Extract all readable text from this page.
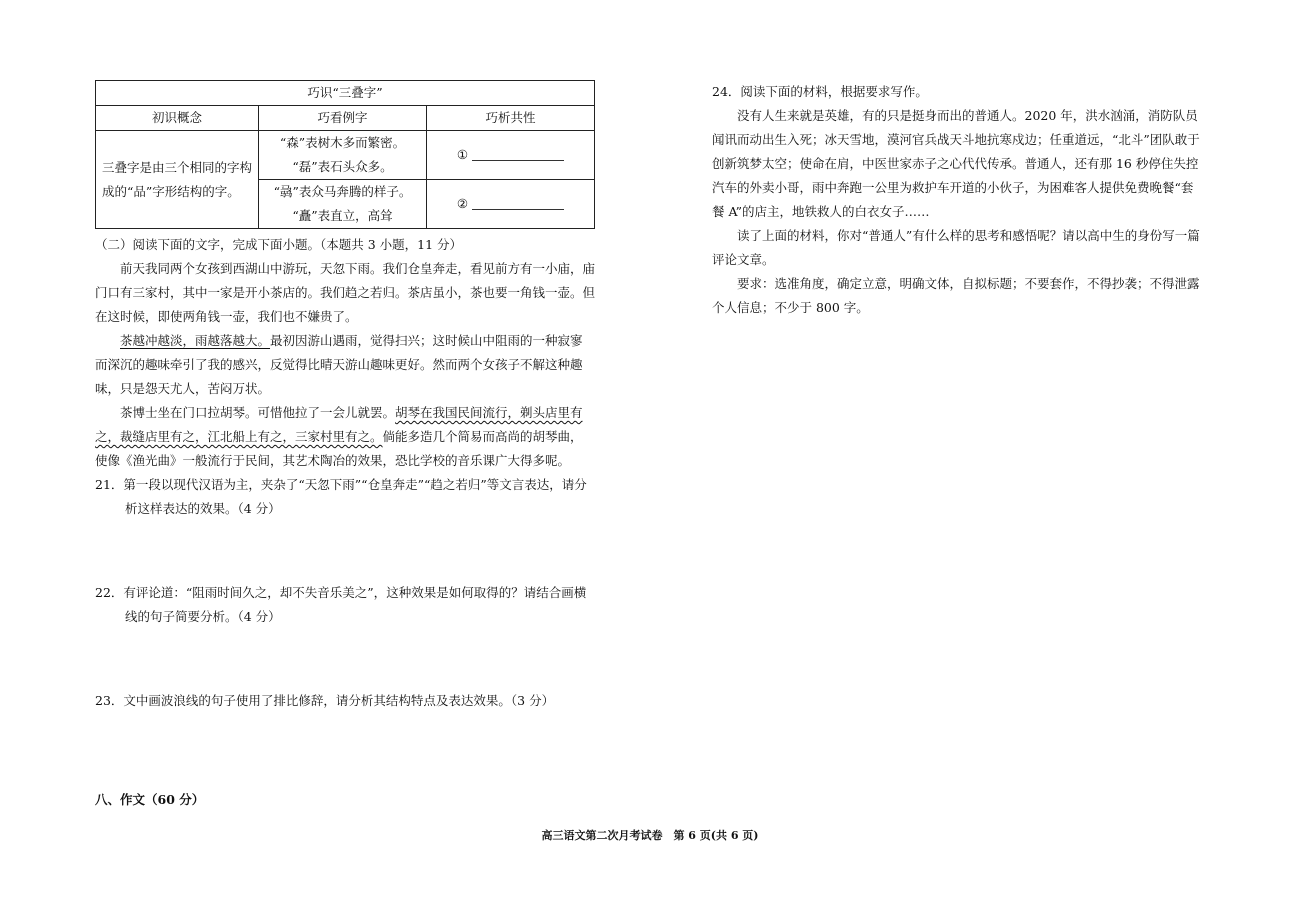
巧识“三叠字”		
初识概念	巧看例字	巧析共性
三叠字是由三个相同的字构成的“品”字形结构的字。	“森”表树木多而繁密。
“磊”表石头众多。	①

	“骉”表众马奔腾的样子。
“矗”表直立，高耸	②

（二）阅读下面的文字，完成下面小题。（本题共 3 小题，11 分）

前天我同两个女孩到西湖山中游玩，天忽下雨。我们仓皇奔走，看见前方有一小庙，庙门口有三家村，其中一家是开小茶店的。我们趋之若归。茶店虽小，茶也要一角钱一壶。但在这时候，即使两角钱一壶，我们也不嫌贵了。

茶越冲越淡，雨越落越大。最初因游山遇雨，觉得扫兴；这时候山中阻雨的一种寂寥而深沉的趣味牵引了我的感兴，反觉得比晴天游山趣味更好。然而两个女孩子不解这种趣味，只是怨天尤人，苦闷万状。

茶博士坐在门口拉胡琴。可惜他拉了一会儿就罢。胡琴在我国民间流行，剃头店里有之，裁缝店里有之，江北船上有之，三家村里有之。倘能多造几个简易而高尚的胡琴曲，使像《渔光曲》一般流行于民间，其艺术陶冶的效果，恐比学校的音乐课广大得多呢。

21．第一段以现代汉语为主，夹杂了“天忽下雨”“仓皇奔走”“趋之若归”等文言表达，请分析这样表达的效果。（4 分）

22．有评论道：“阻雨时间久之，却不失音乐美之”，这种效果是如何取得的？请结合画横线的句子简要分析。（4 分）

23．文中画波浪线的句子使用了排比修辞，请分析其结构特点及表达效果。（3 分）

八、作文（60 分）

24．阅读下面的材料，根据要求写作。

没有人生来就是英雄，有的只是挺身而出的普通人。2020 年，洪水汹涌，消防队员闻讯而动出生入死；冰天雪地，漠河官兵战天斗地抗寒戍边；任重道远，“北斗”团队敢于创新筑梦太空；使命在肩，中医世家赤子之心代代传承。普通人，还有那 16 秒停住失控汽车的外卖小哥，雨中奔跑一公里为救护车开道的小伙子，为困难客人提供免费晚餐“套餐 A”的店主，地铁救人的白衣女子……

读了上面的材料，你对“普通人”有什么样的思考和感悟呢？请以高中生的身份写一篇评论文章。

要求：选准角度，确定立意，明确文体，自拟标题；不要套作，不得抄袭；不得泄露个人信息；不少于 800 字。

高三语文第二次月考试卷　第 6 页(共 6 页)
